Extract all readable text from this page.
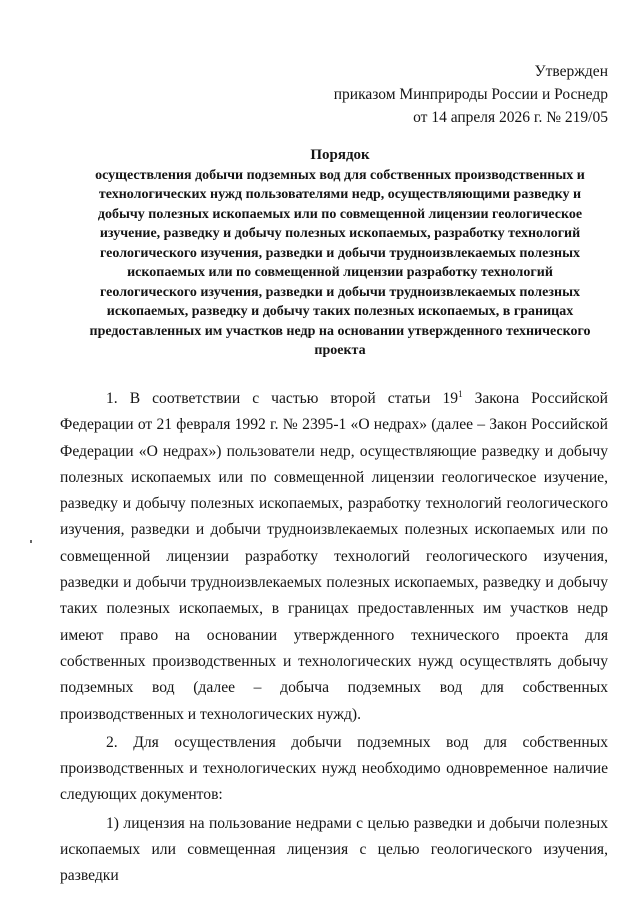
Утвержден
приказом Минприроды России и Роснедр
от 14 апреля 2026 г. № 219/05
Порядок
осуществления добычи подземных вод для собственных производственных и
технологических нужд пользователями недр, осуществляющими разведку и
добычу полезных ископаемых или по совмещенной лицензии геологическое
изучение, разведку и добычу полезных ископаемых, разработку технологий
геологического изучения, разведки и добычи трудноизвлекаемых полезных
ископаемых или по совмещенной лицензии разработку технологий
геологического изучения, разведки и добычи трудноизвлекаемых полезных
ископаемых, разведку и добычу таких полезных ископаемых, в границах
предоставленных им участков недр на основании утвержденного технического
проекта

1. В соответствии с частью второй статьи $19^1$ Закона Российской Федерации от 21 февраля 1992 г. № 2395-1 «О недрах» (далее – Закон Российской Федерации «О недрах») пользователи недр, осуществляющие разведку и добычу полезных ископаемых или по совмещенной лицензии геологическое изучение, разведку и добычу полезных ископаемых, разработку технологий геологического изучения, разведки и добычи трудноизвлекаемых полезных ископаемых или по совмещенной лицензии разработку технологий геологического изучения, разведки и добычи трудноизвлекаемых полезных ископаемых, разведку и добычу таких полезных ископаемых, в границах предоставленных им участков недр имеют право на основании утвержденного технического проекта для собственных производственных и технологических нужд осуществлять добычу подземных вод (далее – добыча подземных вод для собственных производственных и технологических нужд).

2. Для осуществления добычи подземных вод для собственных производственных и технологических нужд необходимо одновременное наличие следующих документов:

1) лицензия на пользование недрами с целью разведки и добычи полезных ископаемых или совмещенная лицензия с целью геологического изучения, разведки
